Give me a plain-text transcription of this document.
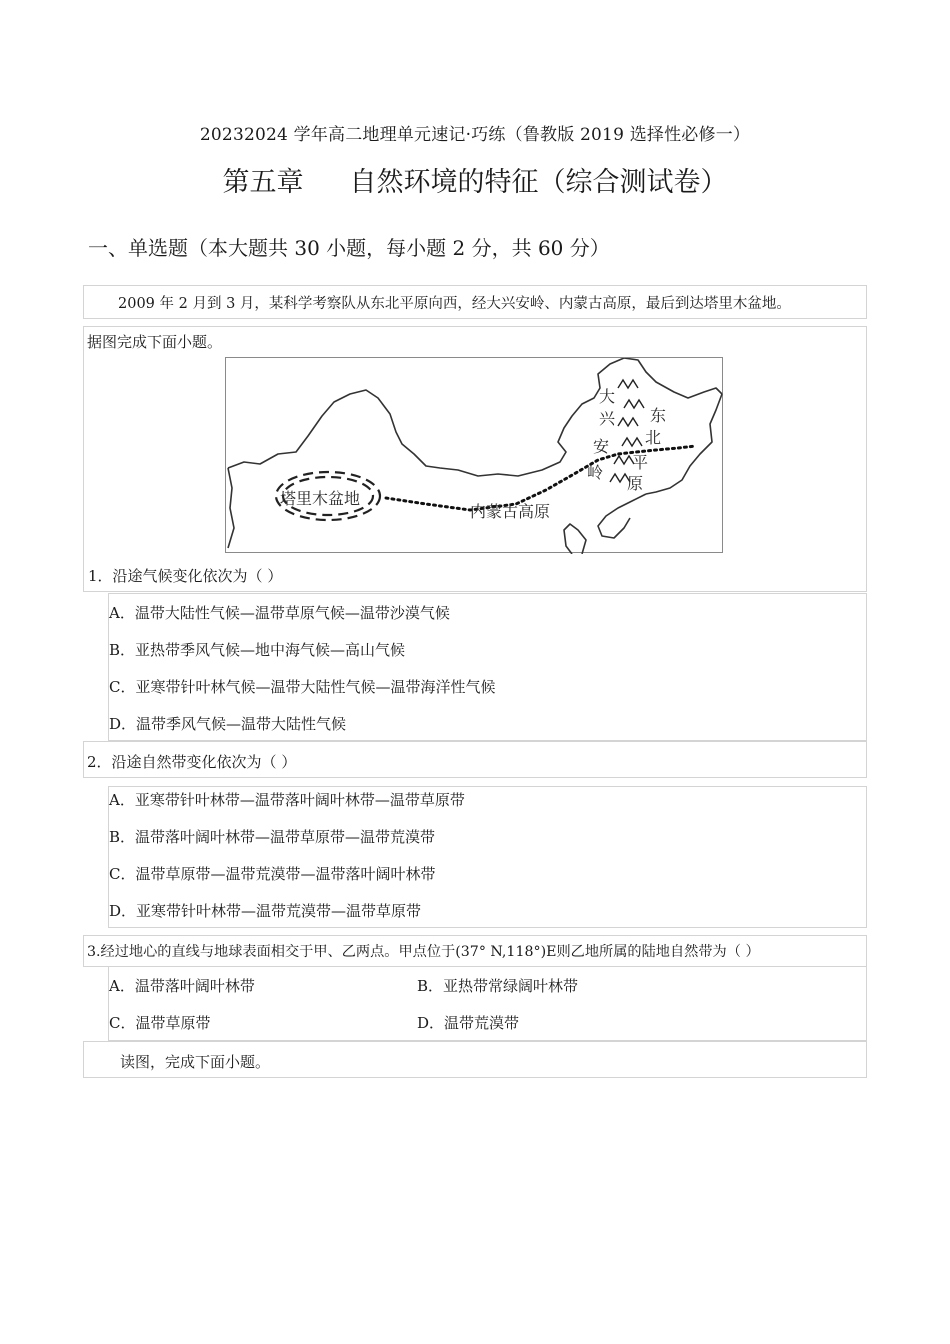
20232024 学年高二地理单元速记·巧练（鲁教版 2019 选择性必修一）
第五章 自然环境的特征（综合测试卷）
一、单选题（本大题共 30 小题，每小题 2 分，共 60 分）
2009 年 2 月到 3 月，某科学考察队从东北平原向西，经大兴安岭、内蒙古高原，最后到达塔里木盆地。
据图完成下面小题。
塔里木盆地
内蒙古高原
大
兴
安
岭
东
北
平
原
1．沿途气候变化依次为（ ）
A．温带大陆性气候—温带草原气候—温带沙漠气候
B．亚热带季风气候—地中海气候—高山气候
C．亚寒带针叶林气候—温带大陆性气候—温带海洋性气候
D．温带季风气候—温带大陆性气候
2．沿途自然带变化依次为（ ）
A．亚寒带针叶林带—温带落叶阔叶林带—温带草原带
B．温带落叶阔叶林带—温带草原带—温带荒漠带
C．温带草原带—温带荒漠带—温带落叶阔叶林带
D．亚寒带针叶林带—温带荒漠带—温带草原带
3.经过地心的直线与地球表面相交于甲、乙两点。甲点位于(37° N,118°)E则乙地所属的陆地自然带为（ ）
A．温带落叶阔叶林带	B．亚热带常绿阔叶林带
C．温带草原带	D．温带荒漠带
读图，完成下面小题。
